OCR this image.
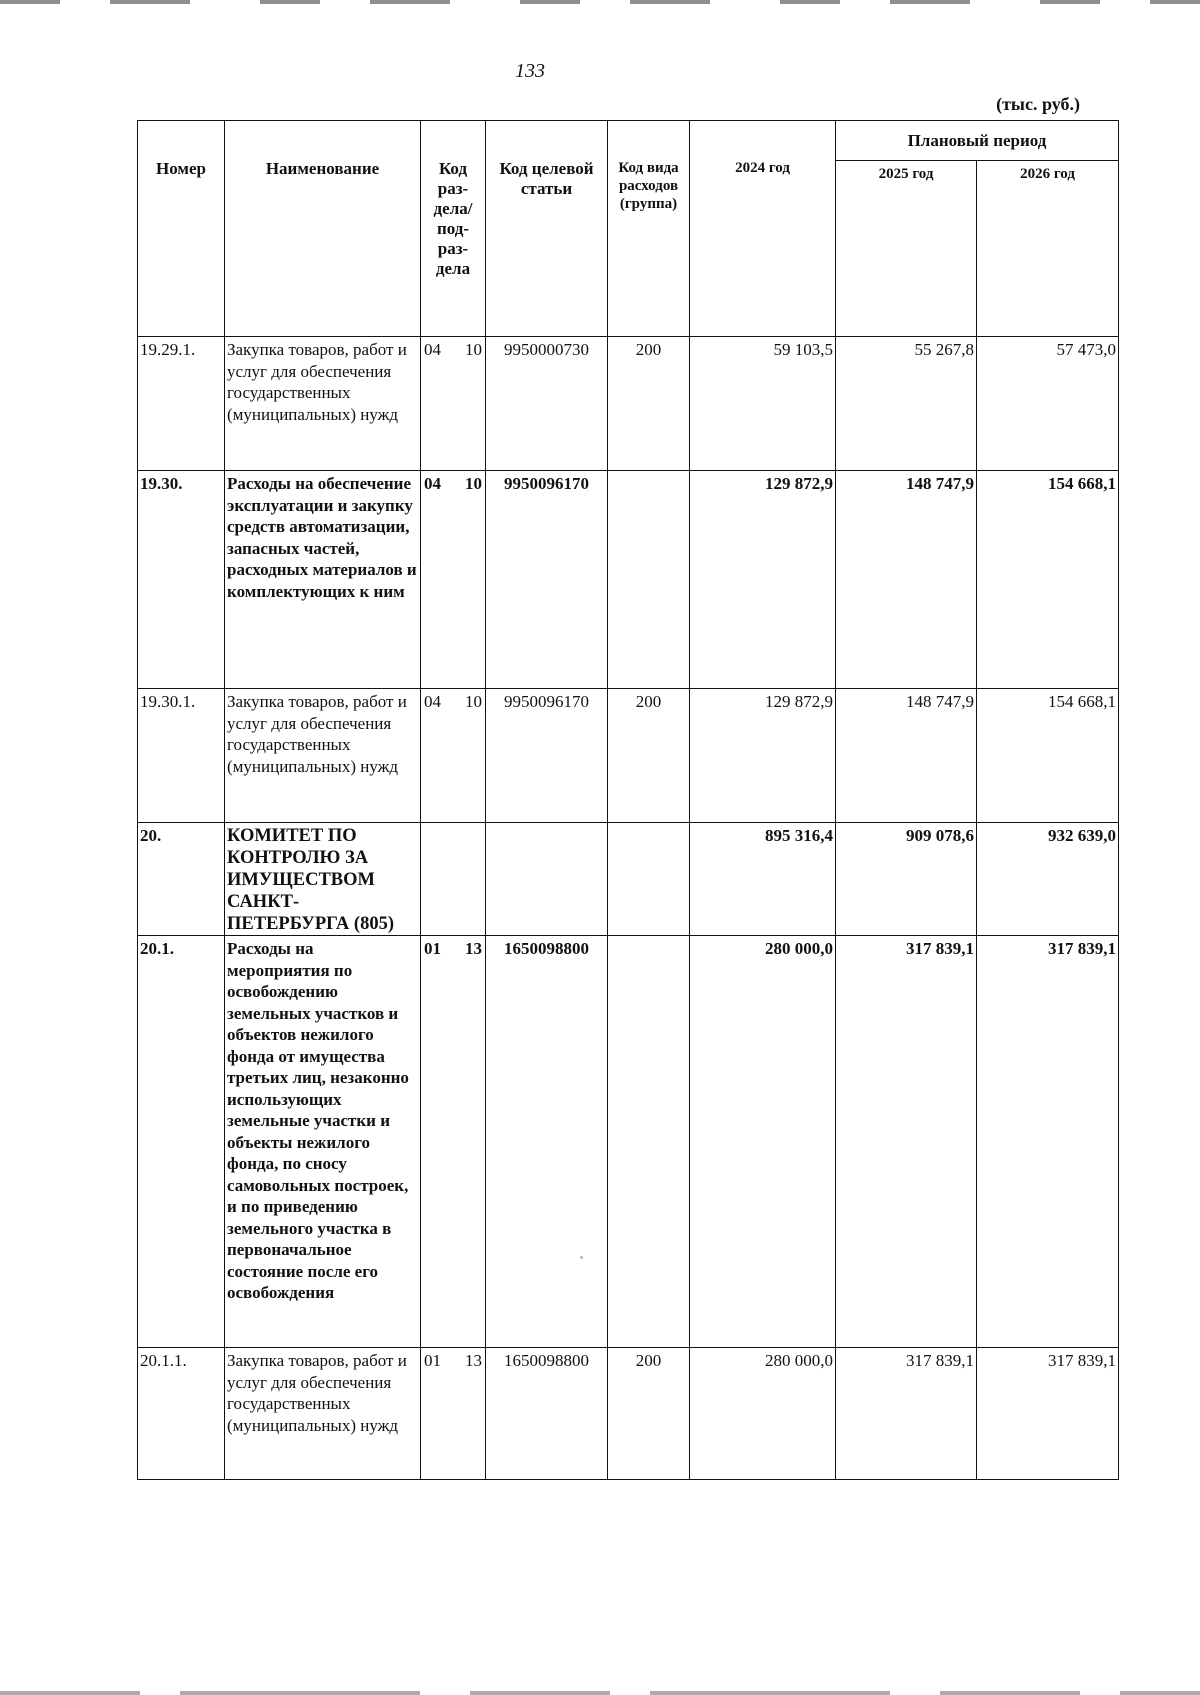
133
(тыс. руб.)
Номер	Наименование	Код раз-дела/ под-раз-дела	Код целевой статьи	Код вида расходов (группа)	2024 год	Плановый период	
						2025 год	2026 год
19.29.1.	Закупка товаров, работ и услуг для обеспечения государственных (муниципальных) нужд	04 10	9950000730	200	59 103,5	55 267,8	57 473,0
19.30.	Расходы на обеспечение эксплуатации и закупку средств автоматизации, запасных частей, расходных материалов и комплектующих к ним	04 10	9950096170		129 872,9	148 747,9	154 668,1
19.30.1.	Закупка товаров, работ и услуг для обеспечения государственных (муниципальных) нужд	04 10	9950096170	200	129 872,9	148 747,9	154 668,1
20.	КОМИТЕТ ПО КОНТРОЛЮ ЗА ИМУЩЕСТВОМ САНКТ-ПЕТЕРБУРГА (805)				895 316,4	909 078,6	932 639,0
20.1.	Расходы на мероприятия по освобождению земельных участков и объектов нежилого фонда от имущества третьих лиц, незаконно использующих земельные участки и объекты нежилого фонда, по сносу самовольных построек, и по приведению земельного участка в первоначальное состояние после его освобождения	01 13	1650098800		280 000,0	317 839,1	317 839,1
20.1.1.	Закупка товаров, работ и услуг для обеспечения государственных (муниципальных) нужд	01 13	1650098800	200	280 000,0	317 839,1	317 839,1
